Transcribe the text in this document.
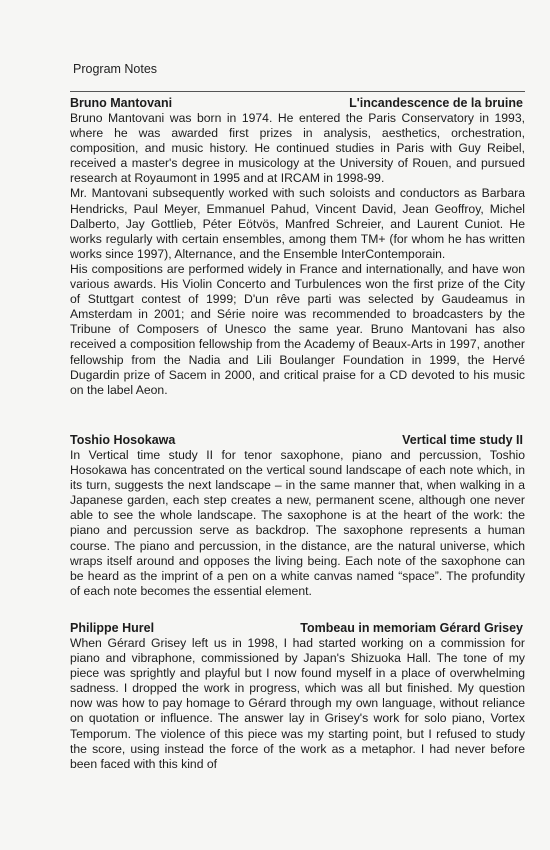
Program Notes
Bruno Mantovani	L'incandescence de la bruine

Bruno Mantovani was born in 1974. He entered the Paris Conservatory in 1993, where he was awarded first prizes in analysis, aesthetics, orchestration, composition, and music history. He continued studies in Paris with Guy Reibel, received a master's degree in musicology at the University of Rouen, and pursued research at Royaumont in 1995 and at IRCAM in 1998-99.

Mr. Mantovani subsequently worked with such soloists and conductors as Barbara Hendricks, Paul Meyer, Emmanuel Pahud, Vincent David, Jean Geoffroy, Michel Dalberto, Jay Gottlieb, Péter Eötvös, Manfred Schreier, and Laurent Cuniot. He works regularly with certain ensembles, among them TM+ (for whom he has written works since 1997), Alternance, and the Ensemble InterContemporain.

His compositions are performed widely in France and internationally, and have won various awards. His Violin Concerto and Turbulences won the first prize of the City of Stuttgart contest of 1999; D'un rêve parti was selected by Gaudeamus in Amsterdam in 2001; and Série noire was recommended to broadcasters by the Tribune of Composers of Unesco the same year. Bruno Mantovani has also received a composition fellowship from the Academy of Beaux-Arts in 1997, another fellowship from the Nadia and Lili Boulanger Foundation in 1999, the Hervé Dugardin prize of Sacem in 2000, and critical praise for a CD devoted to his music on the label Aeon.

Toshio Hosokawa	Vertical time study II

In Vertical time study II for tenor saxophone, piano and percussion, Toshio Hosokawa has concentrated on the vertical sound landscape of each note which, in its turn, suggests the next landscape – in the same manner that, when walking in a Japanese garden, each step creates a new, permanent scene, although one never able to see the whole landscape. The saxophone is at the heart of the work: the piano and percussion serve as backdrop. The saxophone represents a human course. The piano and percussion, in the distance, are the natural universe, which wraps itself around and opposes the living being. Each note of the saxophone can be heard as the imprint of a pen on a white canvas named “space”. The profundity of each note becomes the essential element.

Philippe Hurel	Tombeau in memoriam Gérard Grisey

When Gérard Grisey left us in 1998, I had started working on a commission for piano and vibraphone, commissioned by Japan's Shizuoka Hall. The tone of my piece was sprightly and playful but I now found myself in a place of overwhelming sadness. I dropped the work in progress, which was all but finished. My question now was how to pay homage to Gérard through my own language, without reliance on quotation or influence. The answer lay in Grisey's work for solo piano, Vortex Temporum. The violence of this piece was my starting point, but I refused to study the score, using instead the force of the work as a metaphor. I had never before been faced with this kind of
